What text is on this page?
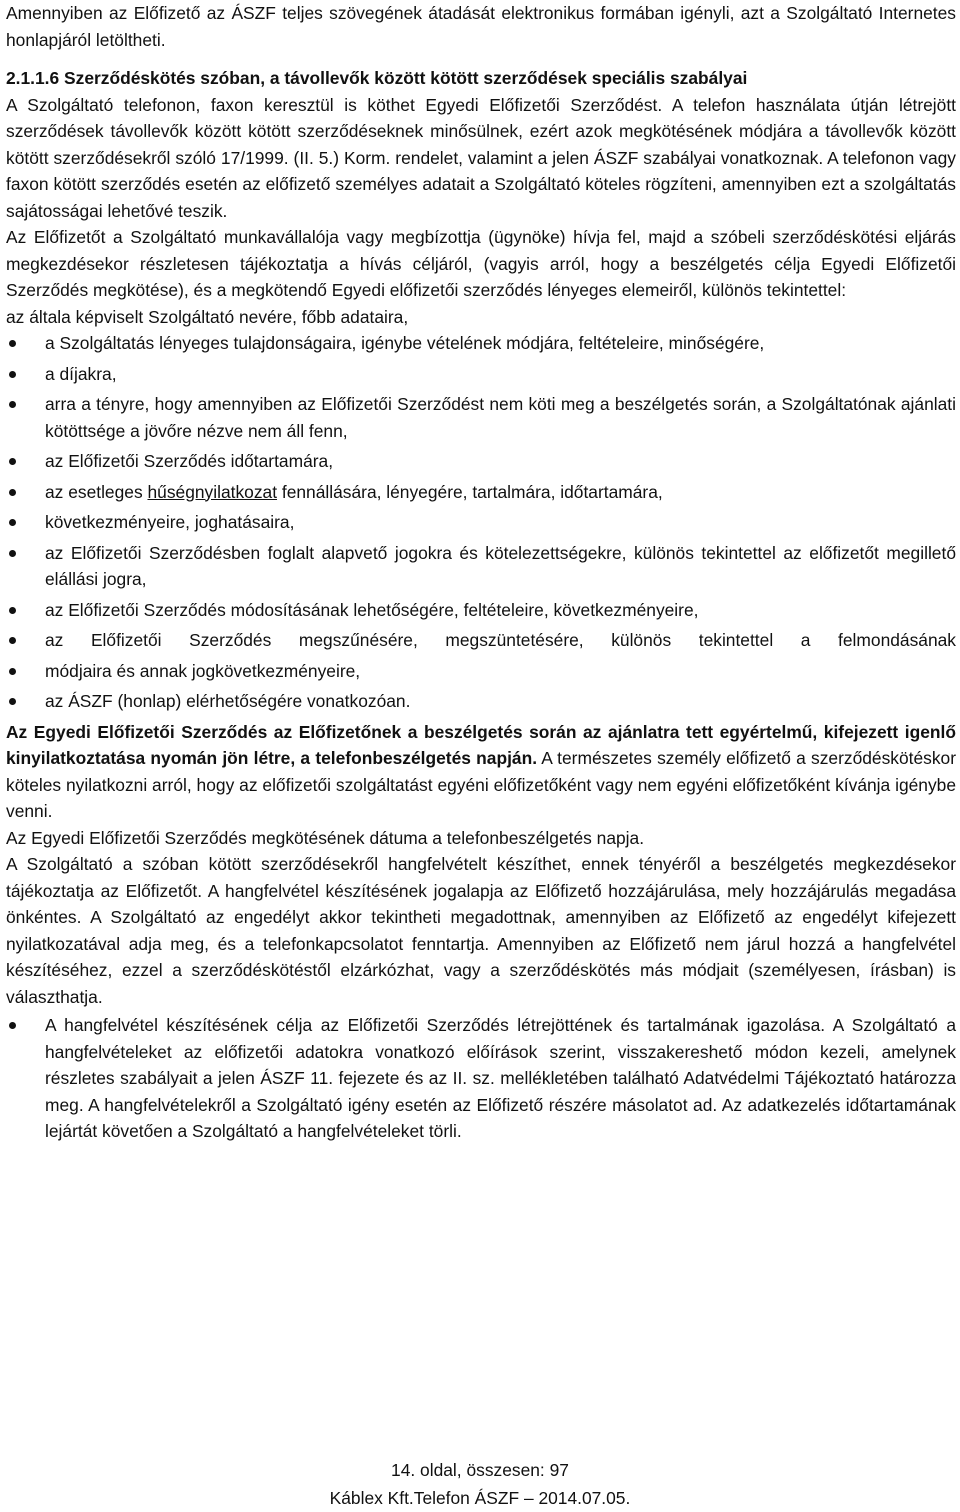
Amennyiben az Előfizető az ÁSZF teljes szövegének átadását elektronikus formában igényli, azt a Szolgáltató Internetes honlapjáról letöltheti.

2.1.1.6 Szerződéskötés szóban, a távollevők között kötött szerződések speciális szabályai

A Szolgáltató telefonon, faxon keresztül is köthet Egyedi Előfizetői Szerződést. A telefon használata útján létrejött szerződések távollevők között kötött szerződéseknek minősülnek, ezért azok megkötésének módjára a távollevők között kötött szerződésekről szóló 17/1999. (II. 5.) Korm. rendelet, valamint a jelen ÁSZF szabályai vonatkoznak. A telefonon vagy faxon kötött szerződés esetén az előfizető személyes adatait a Szolgáltató köteles rögzíteni, amennyiben ezt a szolgáltatás sajátosságai lehetővé teszik.

Az Előfizetőt a Szolgáltató munkavállalója vagy megbízottja (ügynöke) hívja fel, majd a szóbeli szerződéskötési eljárás megkezdésekor részletesen tájékoztatja a hívás céljáról, (vagyis arról, hogy a beszélgetés célja Egyedi Előfizetői Szerződés megkötése), és a megkötendő Egyedi előfizetői szerződés lényeges elemeiről, különös tekintettel:

az általa képviselt Szolgáltató nevére, főbb adataira,

a Szolgáltatás lényeges tulajdonságaira, igénybe vételének módjára, feltételeire, minőségére,
a díjakra,
arra a tényre, hogy amennyiben az Előfizetői Szerződést nem köti meg a beszélgetés során, a Szolgáltatónak ajánlati kötöttsége a jövőre nézve nem áll fenn,
az Előfizetői Szerződés időtartamára,
az esetleges hűségnyilatkozat fennállására, lényegére, tartalmára, időtartamára,
következményeire, joghatásaira,
az Előfizetői Szerződésben foglalt alapvető jogokra és kötelezettségekre, különös tekintettel az előfizetőt megillető elállási jogra,
az Előfizetői Szerződés módosításának lehetőségére, feltételeire, következményeire,
az Előfizetői Szerződés megszűnésére, megszüntetésére, különös tekintettel a felmondásának
módjaira és annak jogkövetkezményeire,
az ÁSZF (honlap) elérhetőségére vonatkozóan.

Az Egyedi Előfizetői Szerződés az Előfizetőnek a beszélgetés során az ajánlatra tett egyértelmű, kifejezett igenlő kinyilatkoztatása nyomán jön létre, a telefonbeszélgetés napján. A természetes személy előfizető a szerződéskötéskor köteles nyilatkozni arról, hogy az előfizetői szolgáltatást egyéni előfizetőként vagy nem egyéni előfizetőként kívánja igénybe venni.

Az Egyedi Előfizetői Szerződés megkötésének dátuma a telefonbeszélgetés napja.

A Szolgáltató a szóban kötött szerződésekről hangfelvételt készíthet, ennek tényéről a beszélgetés megkezdésekor tájékoztatja az Előfizetőt. A hangfelvétel készítésének jogalapja az Előfizető hozzájárulása, mely hozzájárulás megadása önkéntes. A Szolgáltató az engedélyt akkor tekintheti megadottnak, amennyiben az Előfizető az engedélyt kifejezett nyilatkozatával adja meg, és a telefonkapcsolatot fenntartja. Amennyiben az Előfizető nem járul hozzá a hangfelvétel készítéséhez, ezzel a szerződéskötéstől elzárkózhat, vagy a szerződéskötés más módjait (személyesen, írásban) is választhatja.

A hangfelvétel készítésének célja az Előfizetői Szerződés létrejöttének és tartalmának igazolása. A Szolgáltató a hangfelvételeket az előfizetői adatokra vonatkozó előírások szerint, visszakereshető módon kezeli, amelynek részletes szabályait a jelen ÁSZF 11. fejezete és az II. sz. mellékletében található Adatvédelmi Tájékoztató határozza meg. A hangfelvételekről a Szolgáltató igény esetén az Előfizető részére másolatot ad. Az adatkezelés időtartamának lejártát követően a Szolgáltató a hangfelvételeket törli.
14. oldal, összesen: 97
Káblex Kft.Telefon ÁSZF – 2014.07.05.
